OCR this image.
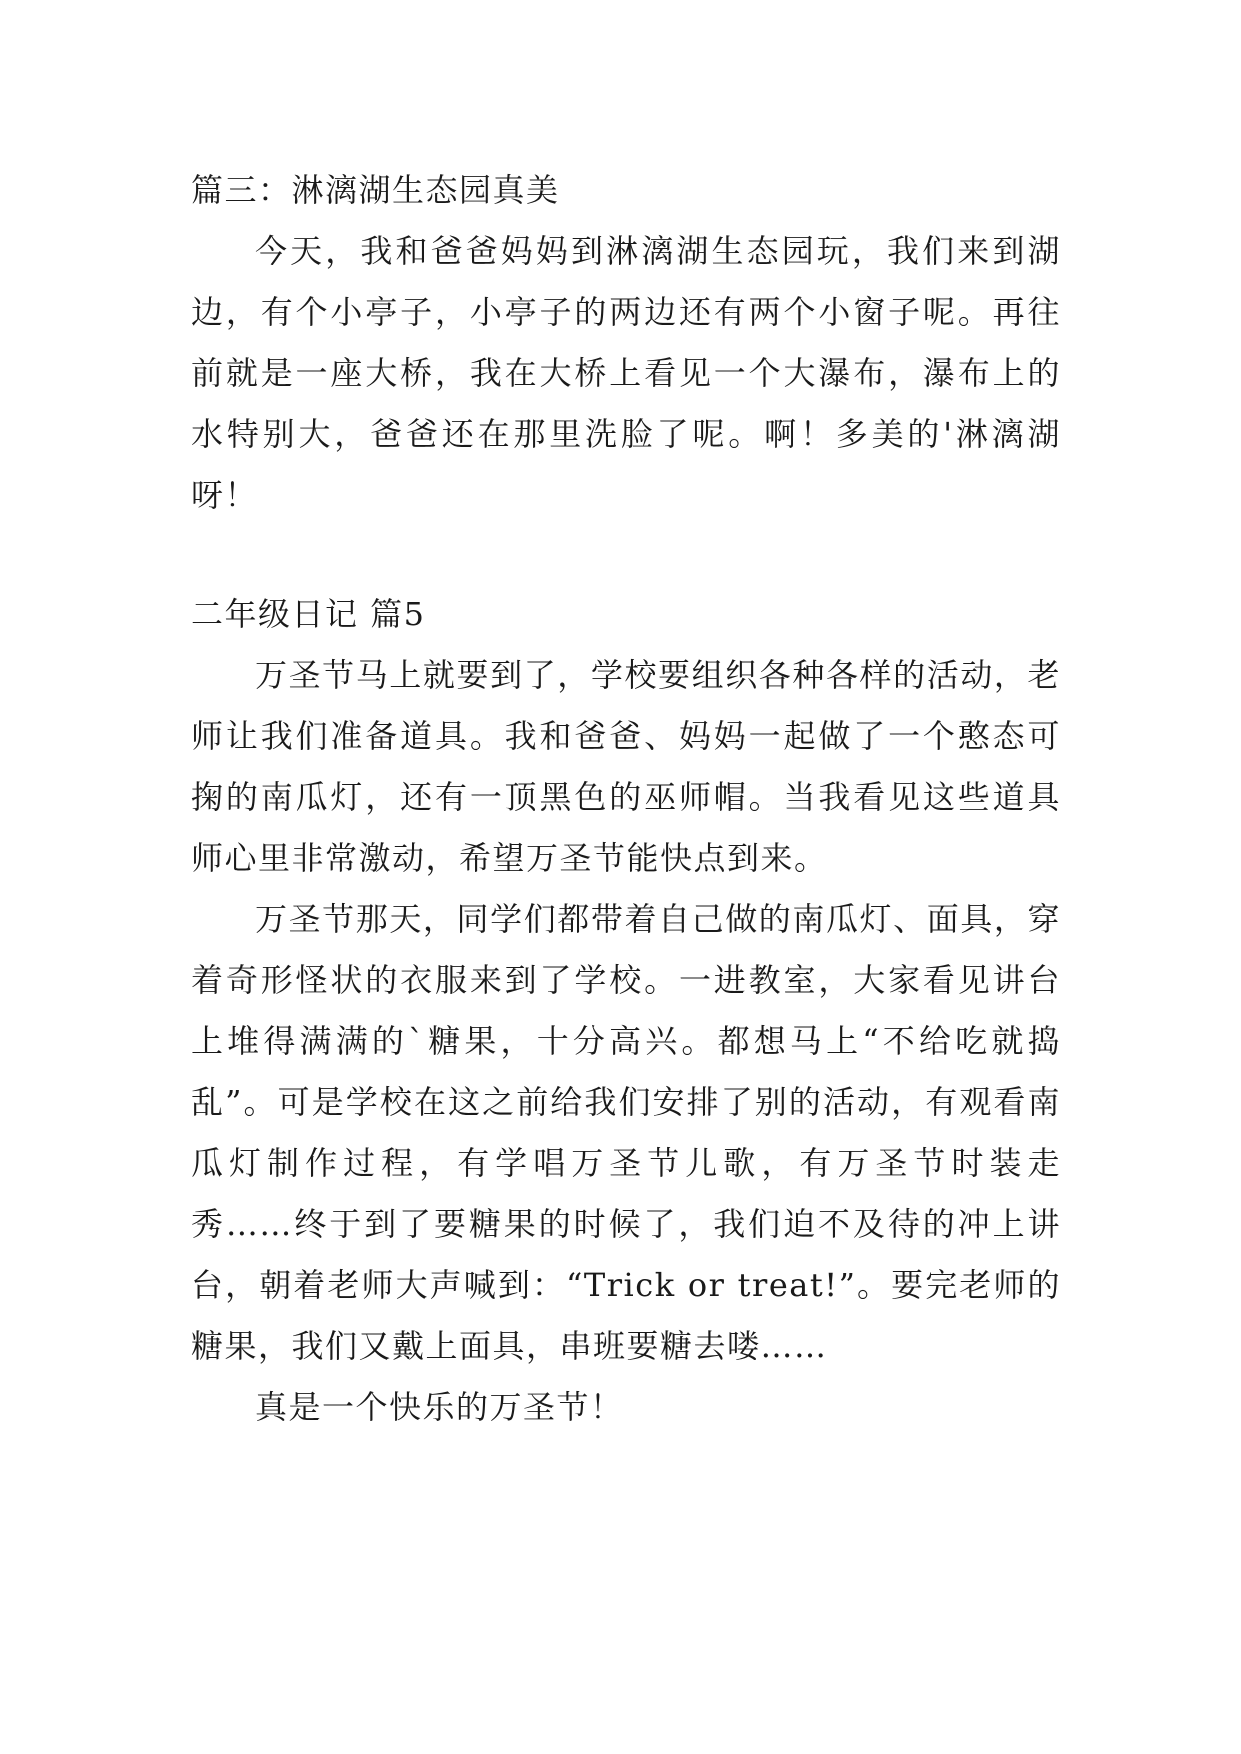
篇三：淋漓湖生态园真美

今天，我和爸爸妈妈到淋漓湖生态园玩，我们来到湖边，有个小亭子，小亭子的两边还有两个小窗子呢。再往前就是一座大桥，我在大桥上看见一个大瀑布，瀑布上的水特别大，爸爸还在那里洗脸了呢。啊！多美的'淋漓湖呀！

二年级日记 篇5

万圣节马上就要到了，学校要组织各种各样的活动，老师让我们准备道具。我和爸爸、妈妈一起做了一个憨态可掬的南瓜灯，还有一顶黑色的巫师帽。当我看见这些道具师心里非常激动，希望万圣节能快点到来。

万圣节那天，同学们都带着自己做的南瓜灯、面具，穿着奇形怪状的衣服来到了学校。一进教室，大家看见讲台上堆得满满的`糖果，十分高兴。都想马上“不给吃就捣乱”。可是学校在这之前给我们安排了别的活动，有观看南瓜灯制作过程，有学唱万圣节儿歌，有万圣节时装走秀……终于到了要糖果的时候了，我们迫不及待的冲上讲台，朝着老师大声喊到：“Trick or treat!”。要完老师的糖果，我们又戴上面具，串班要糖去喽……

真是一个快乐的万圣节！
